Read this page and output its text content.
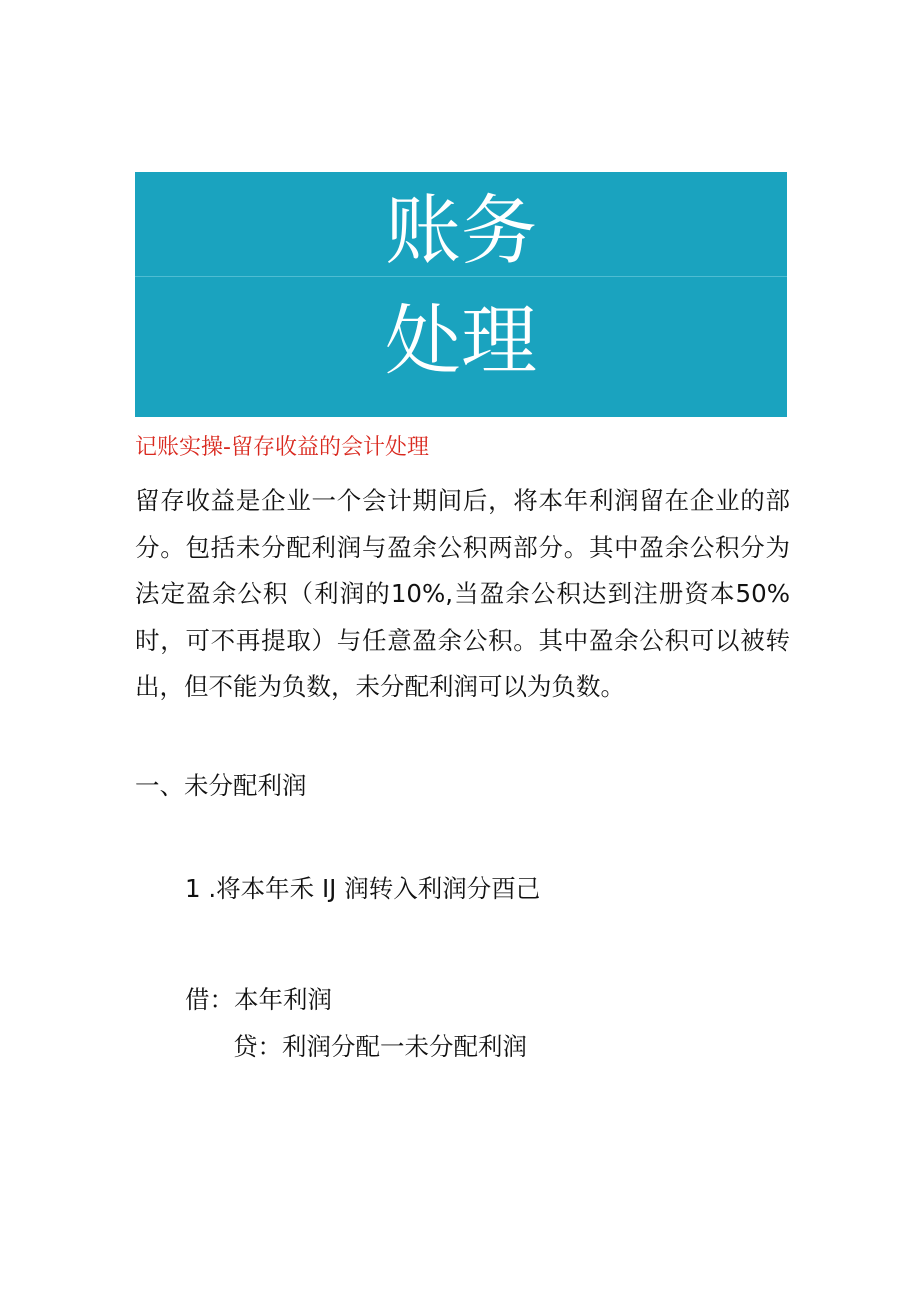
账务
处理
记账实操-留存收益的会计处理
留存收益是企业一个会计期间后，将本年利润留在企业的部分。包括未分配利润与盈余公积两部分。其中盈余公积分为法定盈余公积（利润的10%,当盈余公积达到注册资本50%时，可不再提取）与任意盈余公积。其中盈余公积可以被转出，但不能为负数，未分配利润可以为负数。
一、未分配利润
1 .将本年禾 IJ 润转入利润分酉己
借：本年利润
贷：利润分配一未分配利润
